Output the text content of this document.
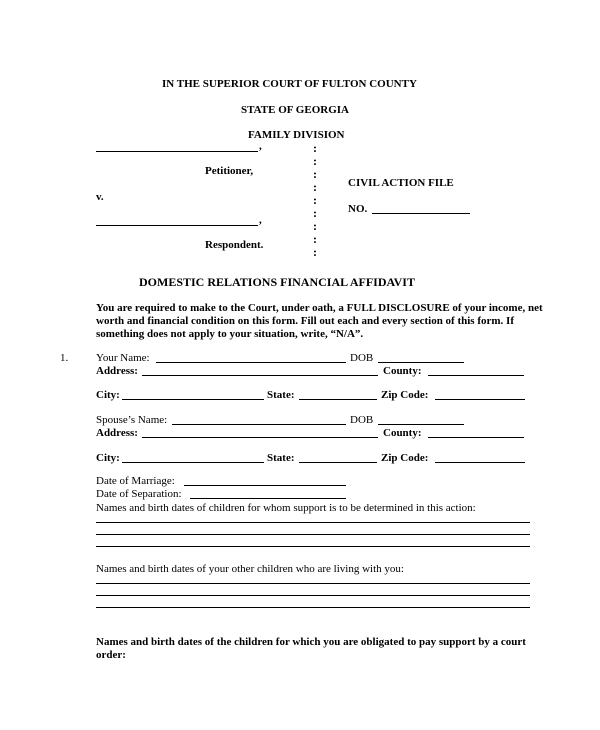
IN THE SUPERIOR COURT OF FULTON COUNTY
STATE OF GEORGIA
FAMILY DIVISION
,
Petitioner,
v.
,
Respondent.
:
:
:
:
:
:
:
:
:
CIVIL ACTION FILE
NO.
DOMESTIC RELATIONS FINANCIAL AFFIDAVIT
You are required to make to the Court, under oath, a FULL DISCLOSURE of your income, net worth and financial condition on this form. Fill out each and every section of this form. If something does not apply to your situation, write, “N/A”.
1.	Your Name:	DOB
Address:	County:
City:	State:	Zip Code:
Spouse’s Name:	DOB
Address:	County:
City:	State:	Zip Code:
Date of Marriage:
Date of Separation:
Names and birth dates of children for whom support is to be determined in this action:
Names and birth dates of your other children who are living with you:
Names and birth dates of the children for which you are obligated to pay support by a court order:
